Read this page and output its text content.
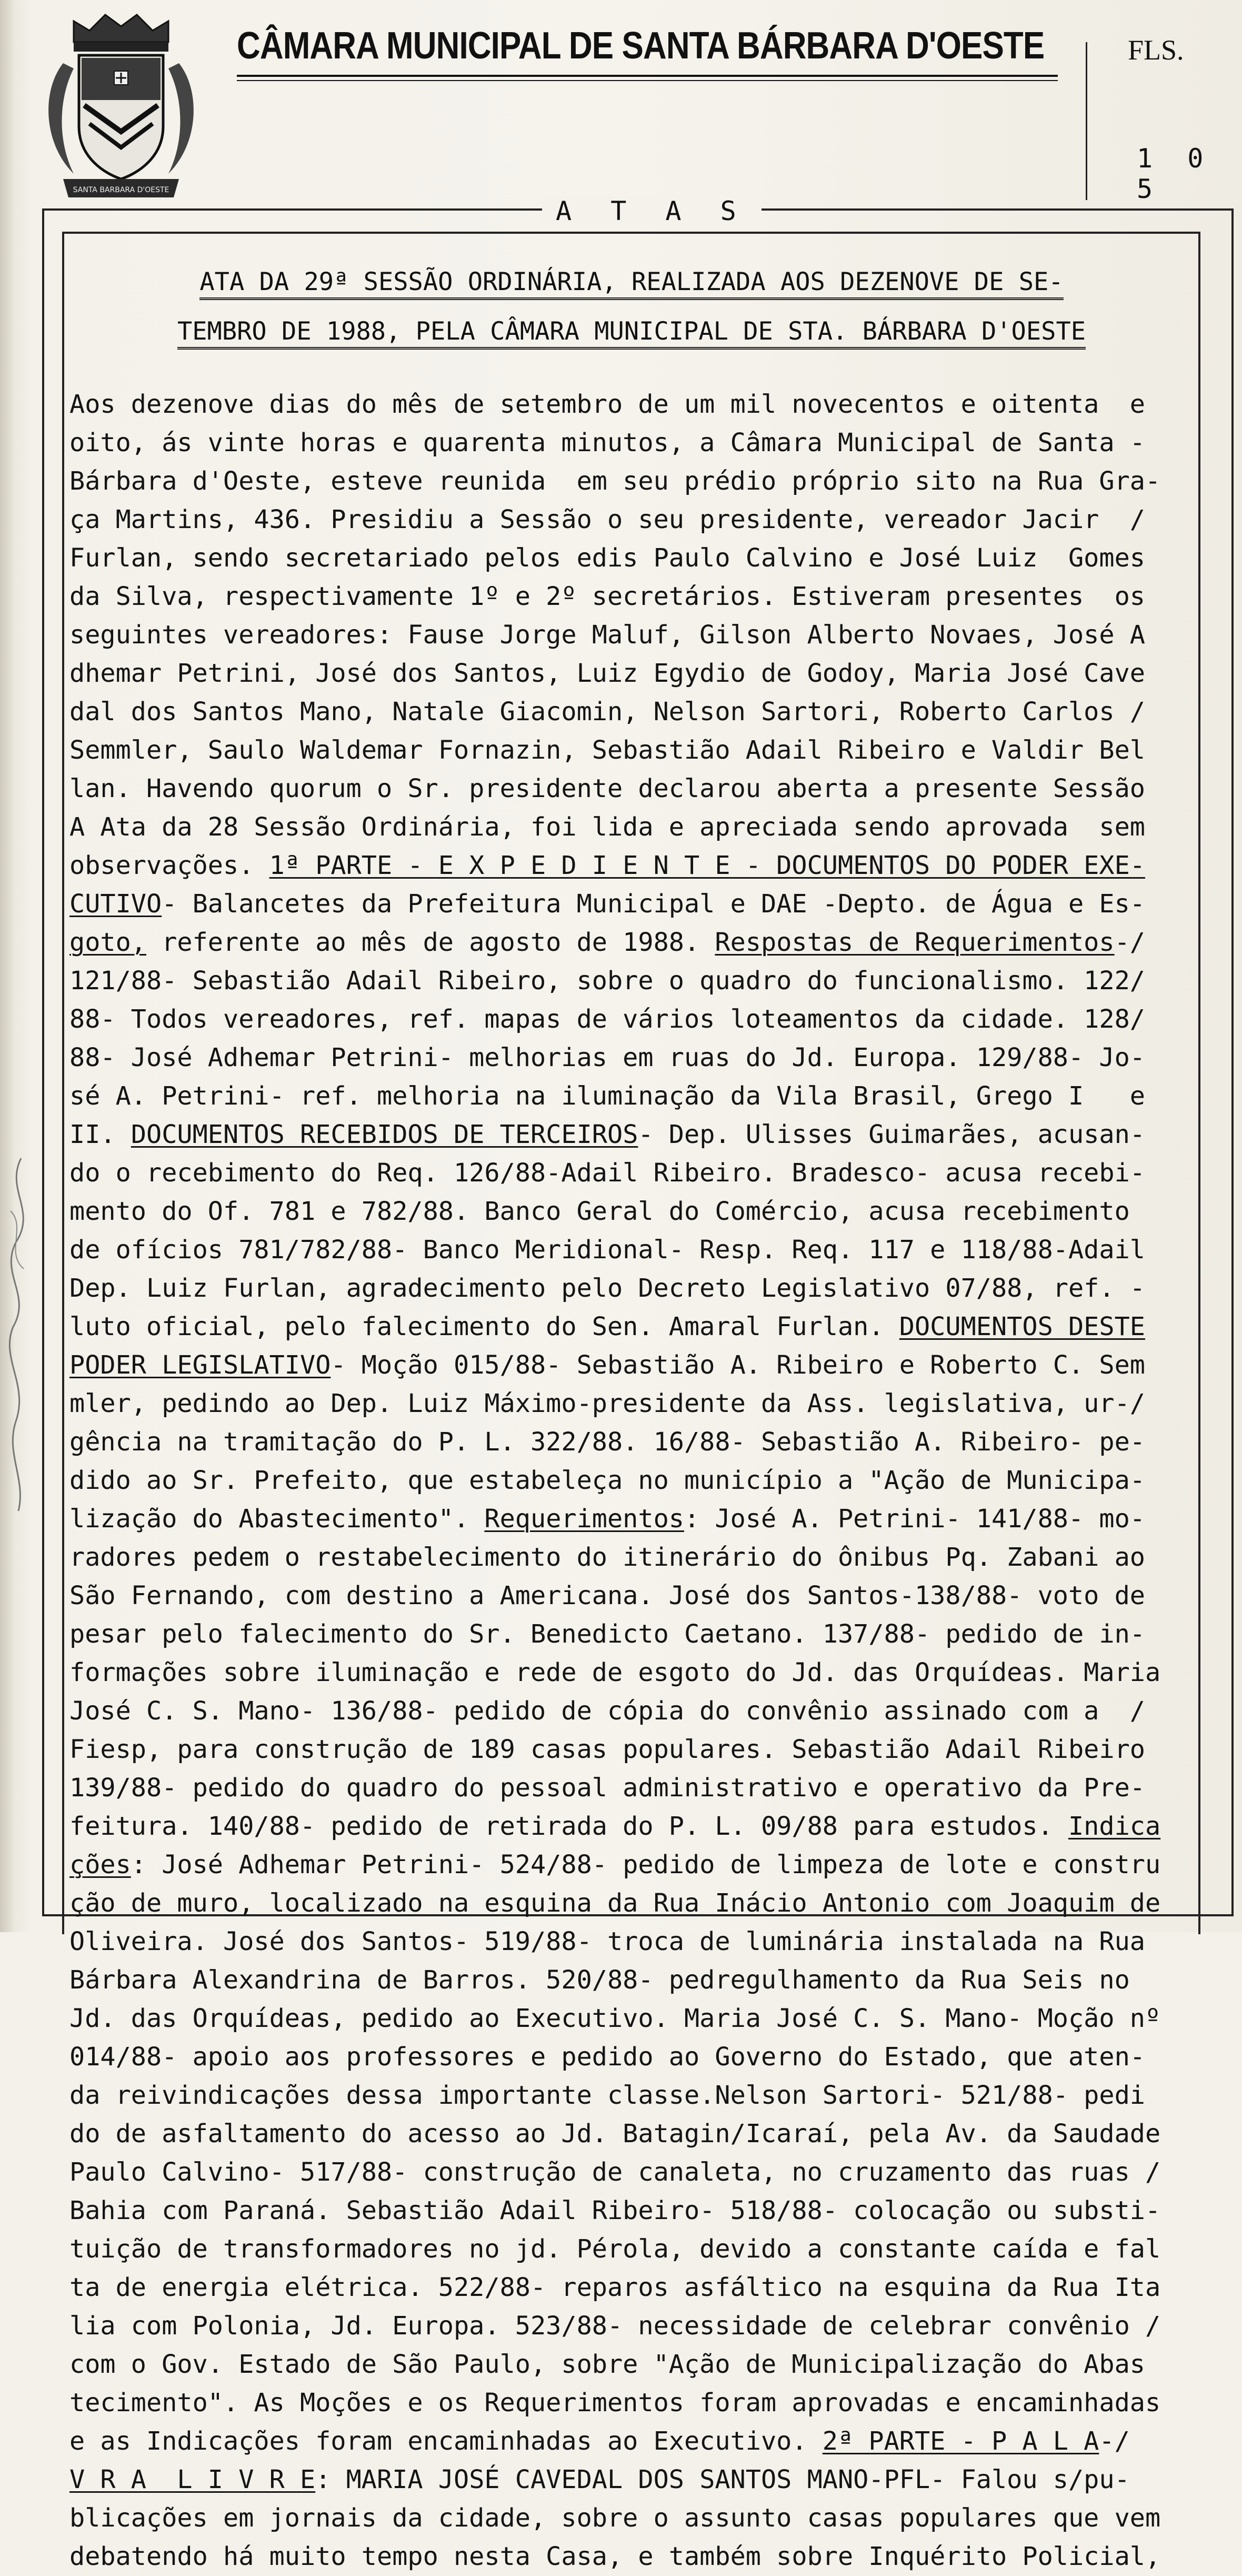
SANTA BARBARA D'OESTE
CÂMARA MUNICIPAL DE SANTA BÁRBARA D'OESTE	FLS.
1 0 5
A T A S
ATA DA 29ª SESSÃO ORDINÁRIA, REALIZADA AOS DEZENOVE DE SE-
TEMBRO DE 1988, PELA CÂMARA MUNICIPAL DE STA. BÁRBARA D'OESTE
Aos dezenove dias do mês de setembro de um mil novecentos e oitenta  e
oito, ás vinte horas e quarenta minutos, a Câmara Municipal de Santa -
Bárbara d'Oeste, esteve reunida  em seu prédio próprio sito na Rua Gra-
ça Martins, 436. Presidiu a Sessão o seu presidente, vereador Jacir  /
Furlan, sendo secretariado pelos edis Paulo Calvino e José Luiz  Gomes
da Silva, respectivamente 1º e 2º secretários. Estiveram presentes  os
seguintes vereadores: Fause Jorge Maluf, Gilson Alberto Novaes, José A
dhemar Petrini, José dos Santos, Luiz Egydio de Godoy, Maria José Cave
dal dos Santos Mano, Natale Giacomin, Nelson Sartori, Roberto Carlos /
Semmler, Saulo Waldemar Fornazin, Sebastião Adail Ribeiro e Valdir Bel
lan. Havendo quorum o Sr. presidente declarou aberta a presente Sessão
A Ata da 28 Sessão Ordinária, foi lida e apreciada sendo aprovada  sem
observações. 1ª PARTE - E X P E D I E N T E - DOCUMENTOS DO PODER EXE-
CUTIVO- Balancetes da Prefeitura Municipal e DAE -Depto. de Água e Es-
goto, referente ao mês de agosto de 1988. Respostas de Requerimentos-/
121/88- Sebastião Adail Ribeiro, sobre o quadro do funcionalismo. 122/
88- Todos vereadores, ref. mapas de vários loteamentos da cidade. 128/
88- José Adhemar Petrini- melhorias em ruas do Jd. Europa. 129/88- Jo-
sé A. Petrini- ref. melhoria na iluminação da Vila Brasil, Grego I   e
II. DOCUMENTOS RECEBIDOS DE TERCEIROS- Dep. Ulisses Guimarães, acusan-
do o recebimento do Req. 126/88-Adail Ribeiro. Bradesco- acusa recebi-
mento do Of. 781 e 782/88. Banco Geral do Comércio, acusa recebimento
de ofícios 781/782/88- Banco Meridional- Resp. Req. 117 e 118/88-Adail
Dep. Luiz Furlan, agradecimento pelo Decreto Legislativo 07/88, ref. -
luto oficial, pelo falecimento do Sen. Amaral Furlan. DOCUMENTOS DESTE
PODER LEGISLATIVO- Moção 015/88- Sebastião A. Ribeiro e Roberto C. Sem
mler, pedindo ao Dep. Luiz Máximo-presidente da Ass. legislativa, ur-/
gência na tramitação do P. L. 322/88. 16/88- Sebastião A. Ribeiro- pe-
dido ao Sr. Prefeito, que estabeleça no município a "Ação de Municipa-
lização do Abastecimento". Requerimentos: José A. Petrini- 141/88- mo-
radores pedem o restabelecimento do itinerário do ônibus Pq. Zabani ao
São Fernando, com destino a Americana. José dos Santos-138/88- voto de
pesar pelo falecimento do Sr. Benedicto Caetano. 137/88- pedido de in-
formações sobre iluminação e rede de esgoto do Jd. das Orquídeas. Maria
José C. S. Mano- 136/88- pedido de cópia do convênio assinado com a  /
Fiesp, para construção de 189 casas populares. Sebastião Adail Ribeiro
139/88- pedido do quadro do pessoal administrativo e operativo da Pre-
feitura. 140/88- pedido de retirada do P. L. 09/88 para estudos. Indica
ções: José Adhemar Petrini- 524/88- pedido de limpeza de lote e constru
ção de muro, localizado na esquina da Rua Inácio Antonio com Joaquim de
Oliveira. José dos Santos- 519/88- troca de luminária instalada na Rua
Bárbara Alexandrina de Barros. 520/88- pedregulhamento da Rua Seis no
Jd. das Orquídeas, pedido ao Executivo. Maria José C. S. Mano- Moção nº
014/88- apoio aos professores e pedido ao Governo do Estado, que aten-
da reivindicações dessa importante classe.Nelson Sartori- 521/88- pedi
do de asfaltamento do acesso ao Jd. Batagin/Icaraí, pela Av. da Saudade
Paulo Calvino- 517/88- construção de canaleta, no cruzamento das ruas /
Bahia com Paraná. Sebastião Adail Ribeiro- 518/88- colocação ou substi-
tuição de transformadores no jd. Pérola, devido a constante caída e fal
ta de energia elétrica. 522/88- reparos asfáltico na esquina da Rua Ita
lia com Polonia, Jd. Europa. 523/88- necessidade de celebrar convênio /
com o Gov. Estado de São Paulo, sobre "Ação de Municipalização do Abas
tecimento". As Moções e os Requerimentos foram aprovadas e encaminhadas
e as Indicações foram encaminhadas ao Executivo. 2ª PARTE - P A L A-/
V R A  L I V R E: MARIA JOSÉ CAVEDAL DOS SANTOS MANO-PFL- Falou s/pu-
blicações em jornais da cidade, sobre o assunto casas populares que vem
debatendo há muito tempo nesta Casa, e também sobre Inquérito Policial,
